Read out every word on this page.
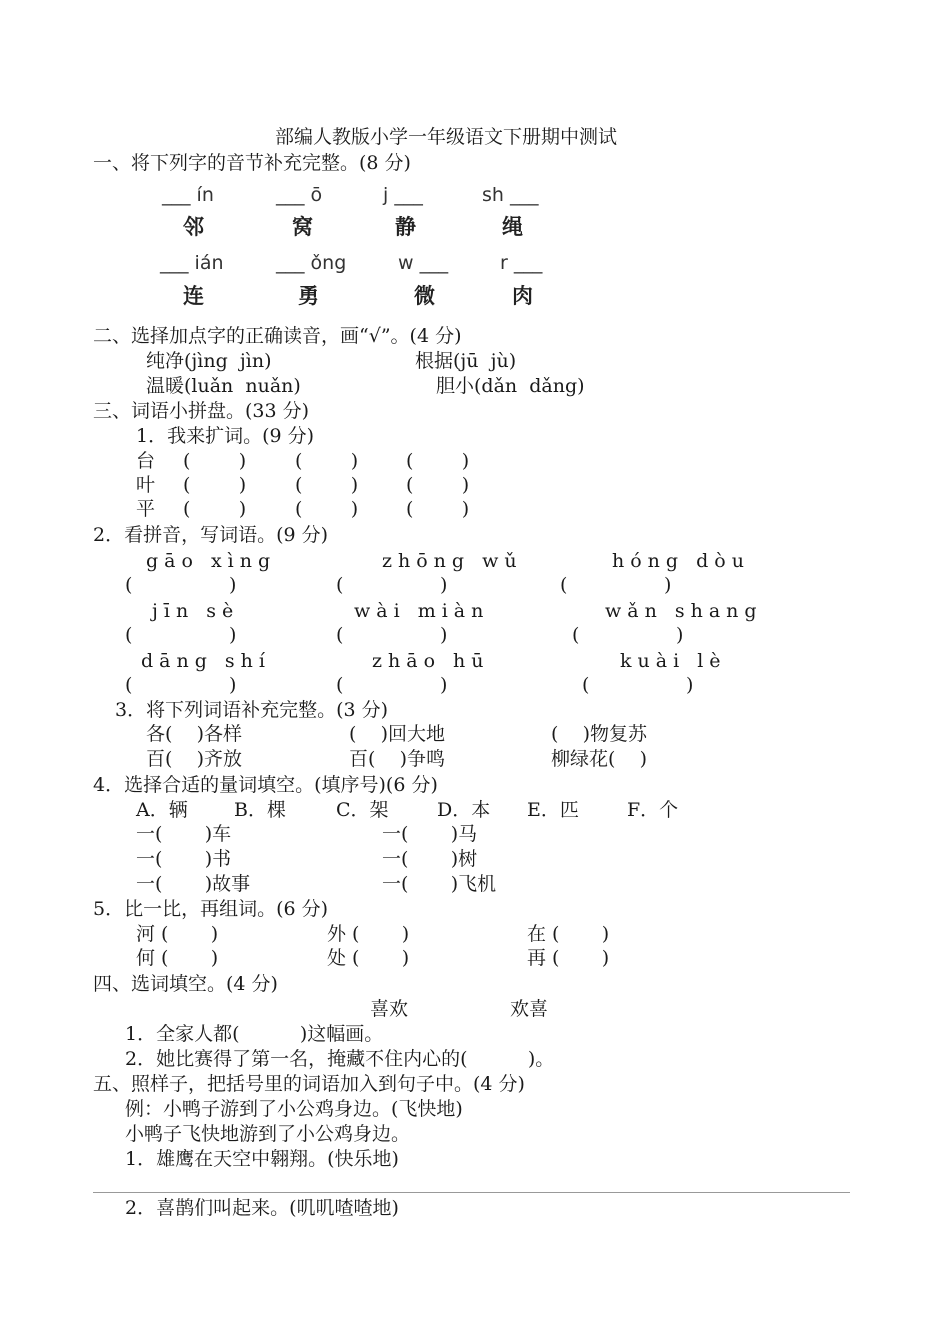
部编人教版小学一年级语文下册期中测试
一、将下列字的音节补充完整。(8 分)
___ ín	___ ō	j ___	sh ___
邻	窝	静	绳
___ ián	___ ǒng	w ___	r ___
连	勇	微	肉
二、选择加点字的正确读音，画“√”。(4 分)
纯净(jìng  jìn)	根据(jū  jù)
温暖(luǎn  nuǎn)	胆小(dǎn  dǎng)
三、词语小拼盘。(33 分)
1．我来扩词。(9 分)
台 (        )	(        )	(        )
叶 (        )	(        )	(        )
平 (        )	(        )	(        )
2．看拼音，写词语。(9 分)
gāo xìng	zhōng wǔ	hóng dòu
(                )	(                )	(                )
jīn sè	wài miàn	wǎn shang
(                )	(                )	(                )
dāng shí	zhāo hū	kuài lè
(                )	(                )	(                )
3．将下列词语补充完整。(3 分)
各(    )各样	(    )回大地	(    )物复苏
百(    )齐放	百(    )争鸣	柳绿花(    )
4．选择合适的量词填空。(填序号)(6 分)
A．辆 B．棵	C．架	D．本 E．匹	F．个
一(       )车	一(       )马
一(       )书	一(       )树
一(       )故事	一(       )飞机
5．比一比，再组词。(6 分)
河 (       )	外 (       )	在 (       )
何 (       )	处 (       )	再 (       )
四、选词填空。(4 分)
喜欢	欢喜
1．全家人都(          )这幅画。
2．她比赛得了第一名，掩藏不住内心的(          )。
五、照样子，把括号里的词语加入到句子中。(4 分)
例：小鸭子游到了小公鸡身边。(飞快地)
小鸭子飞快地游到了小公鸡身边。
1．雄鹰在天空中翱翔。(快乐地)
2．喜鹊们叫起来。(叽叽喳喳地)
